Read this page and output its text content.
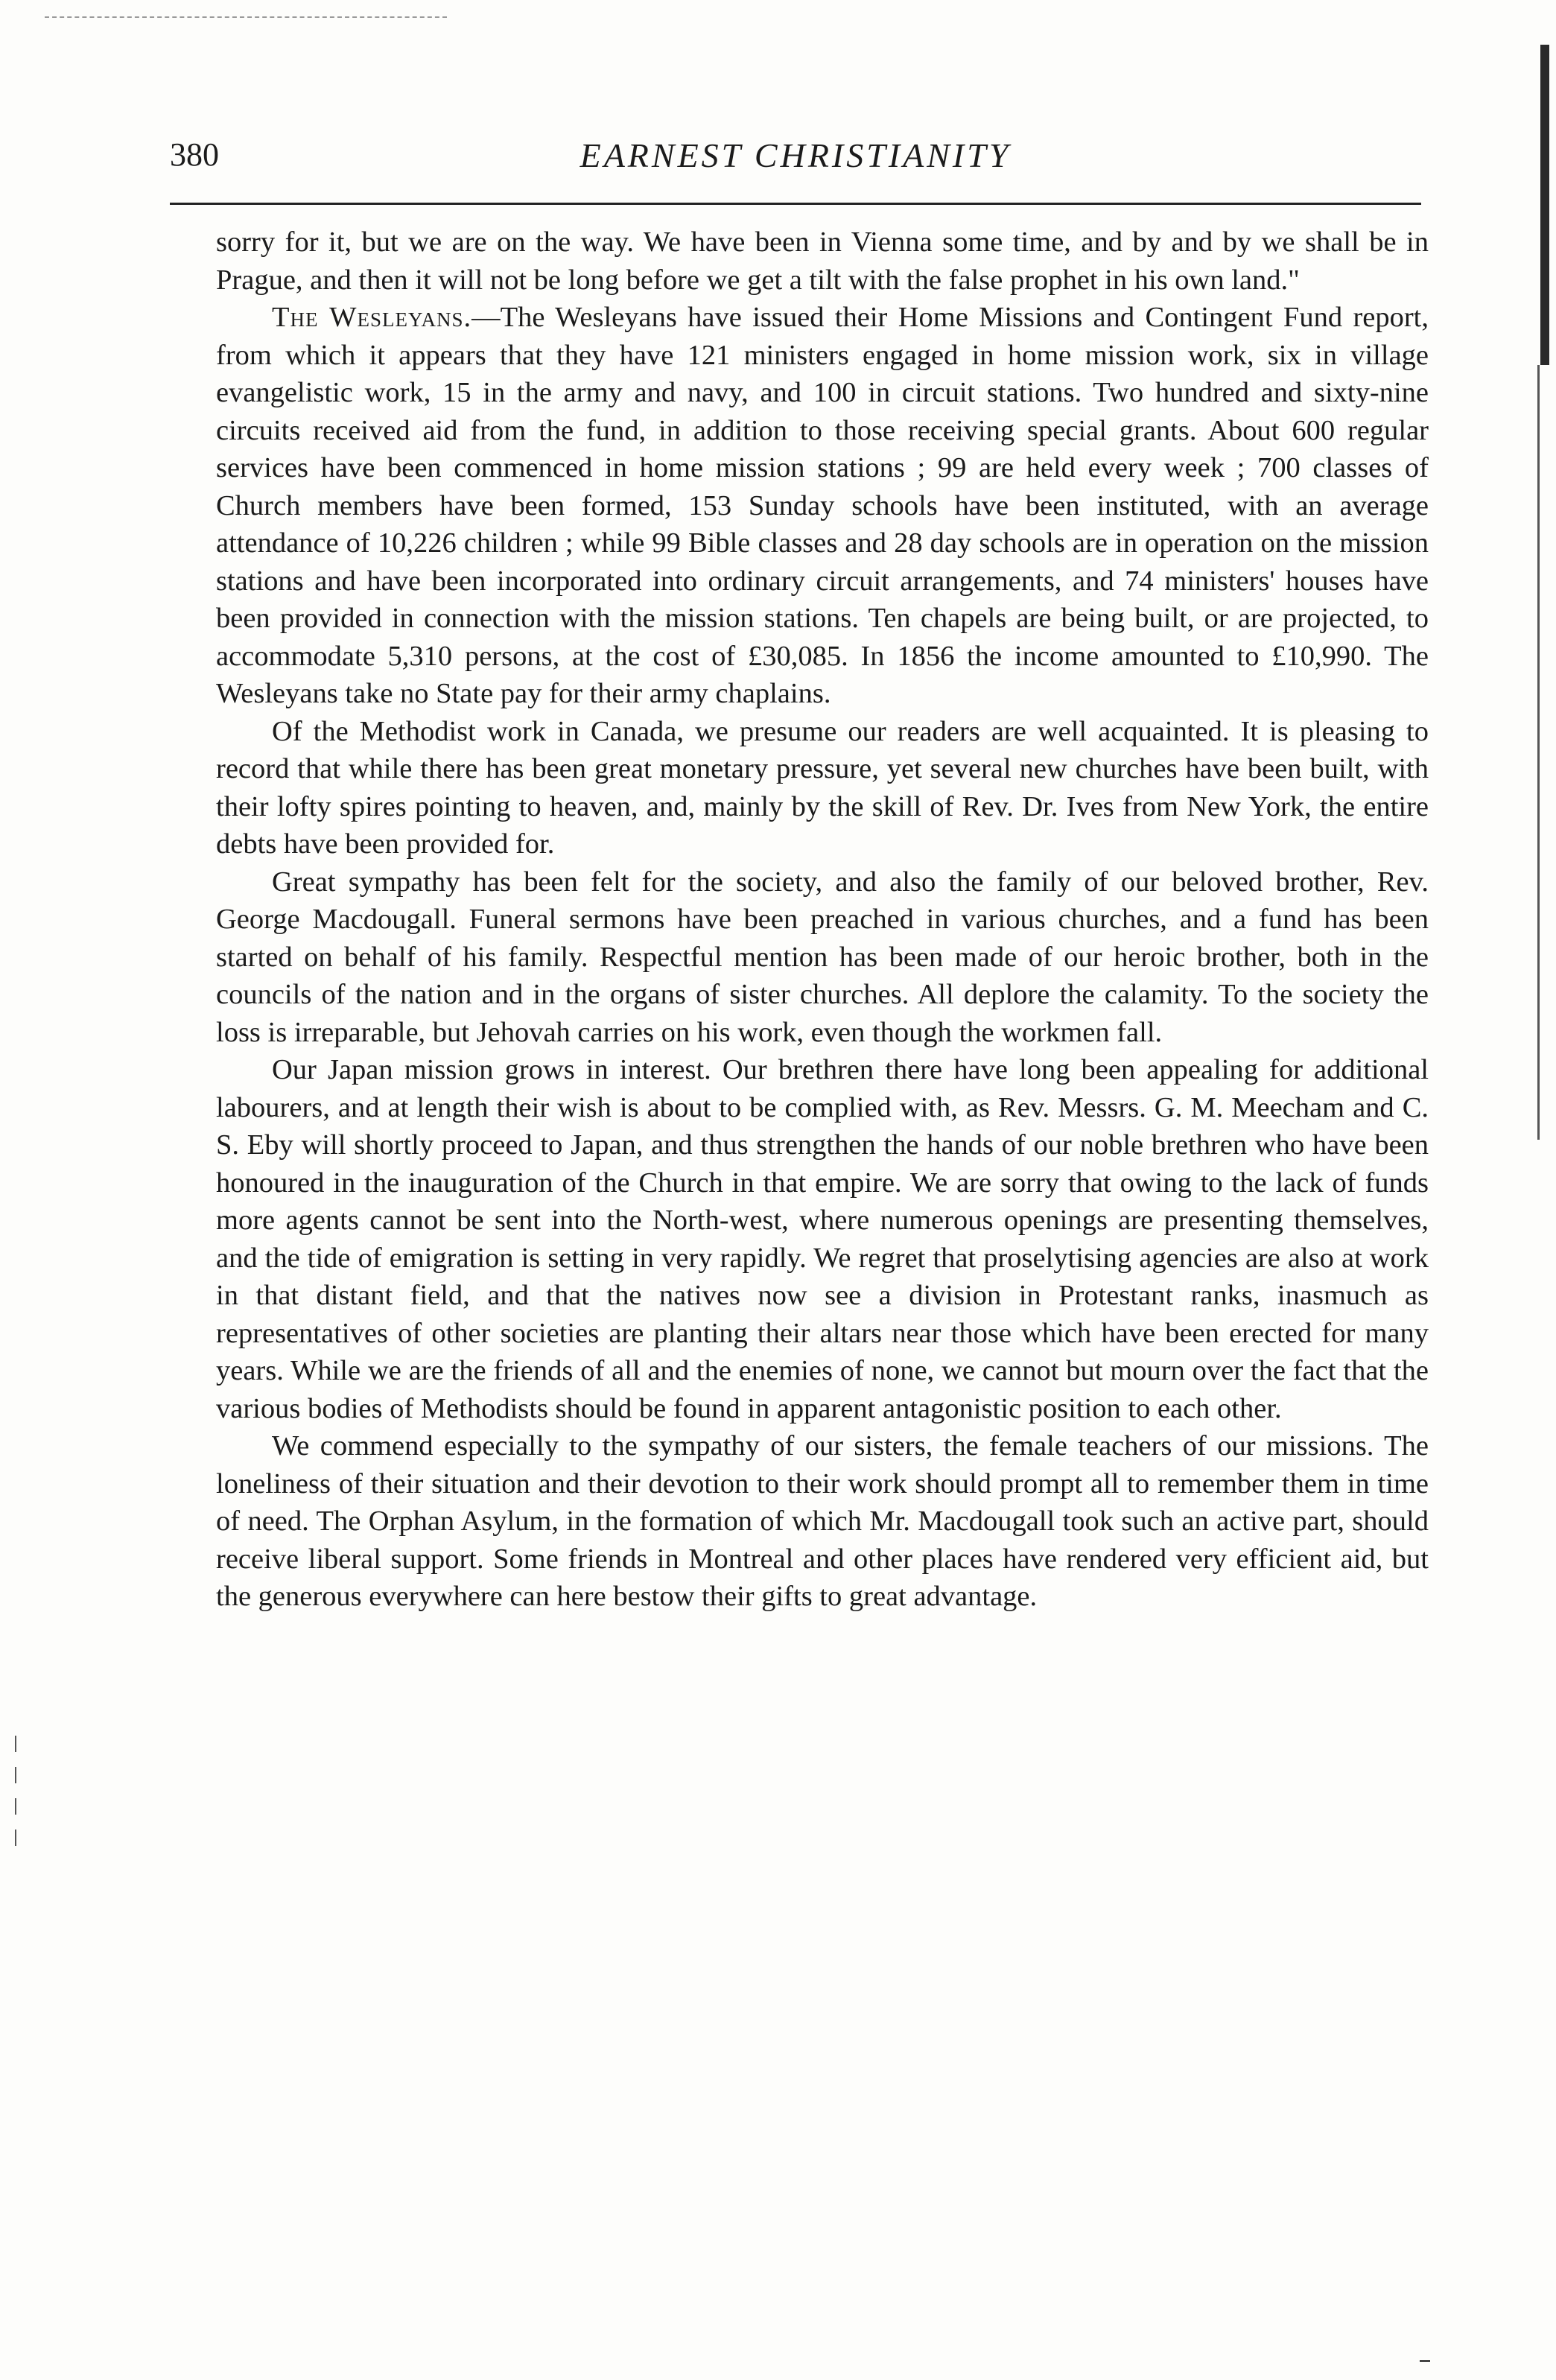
380	EARNEST CHRISTIANITY

sorry for it, but we are on the way. We have been in Vienna some time, and by and by we shall be in Prague, and then it will not be long before we get a tilt with the false prophet in his own land."

The Wesleyans.—The Wesleyans have issued their Home Missions and Contingent Fund report, from which it appears that they have 121 ministers engaged in home mission work, six in village evangelistic work, 15 in the army and navy, and 100 in circuit stations. Two hundred and sixty-nine circuits received aid from the fund, in addition to those receiving special grants. About 600 regular services have been commenced in home mission stations ; 99 are held every week ; 700 classes of Church members have been formed, 153 Sunday schools have been instituted, with an average attendance of 10,226 children ; while 99 Bible classes and 28 day schools are in operation on the mission stations and have been incorporated into ordinary circuit arrangements, and 74 ministers' houses have been provided in connection with the mission stations. Ten chapels are being built, or are projected, to accommodate 5,310 persons, at the cost of £30,085. In 1856 the income amounted to £10,990. The Wesleyans take no State pay for their army chaplains.

Of the Methodist work in Canada, we presume our readers are well acquainted. It is pleasing to record that while there has been great monetary pressure, yet several new churches have been built, with their lofty spires pointing to heaven, and, mainly by the skill of Rev. Dr. Ives from New York, the entire debts have been provided for.

Great sympathy has been felt for the society, and also the family of our beloved brother, Rev. George Macdougall. Funeral sermons have been preached in various churches, and a fund has been started on behalf of his family. Respectful mention has been made of our heroic brother, both in the councils of the nation and in the organs of sister churches. All deplore the calamity. To the society the loss is irreparable, but Jehovah carries on his work, even though the workmen fall.

Our Japan mission grows in interest. Our brethren there have long been appealing for additional labourers, and at length their wish is about to be complied with, as Rev. Messrs. G. M. Meecham and C. S. Eby will shortly proceed to Japan, and thus strengthen the hands of our noble brethren who have been honoured in the inauguration of the Church in that empire. We are sorry that owing to the lack of funds more agents cannot be sent into the North-west, where numerous openings are presenting themselves, and the tide of emigration is setting in very rapidly. We regret that proselytising agencies are also at work in that distant field, and that the natives now see a division in Protestant ranks, inasmuch as representatives of other societies are planting their altars near those which have been erected for many years. While we are the friends of all and the enemies of none, we cannot but mourn over the fact that the various bodies of Methodists should be found in apparent antagonistic position to each other.

We commend especially to the sympathy of our sisters, the female teachers of our missions. The loneliness of their situation and their devotion to their work should prompt all to remember them in time of need. The Orphan Asylum, in the formation of which Mr. Macdougall took such an active part, should receive liberal support. Some friends in Montreal and other places have rendered very efficient aid, but the generous everywhere can here bestow their gifts to great advantage.
